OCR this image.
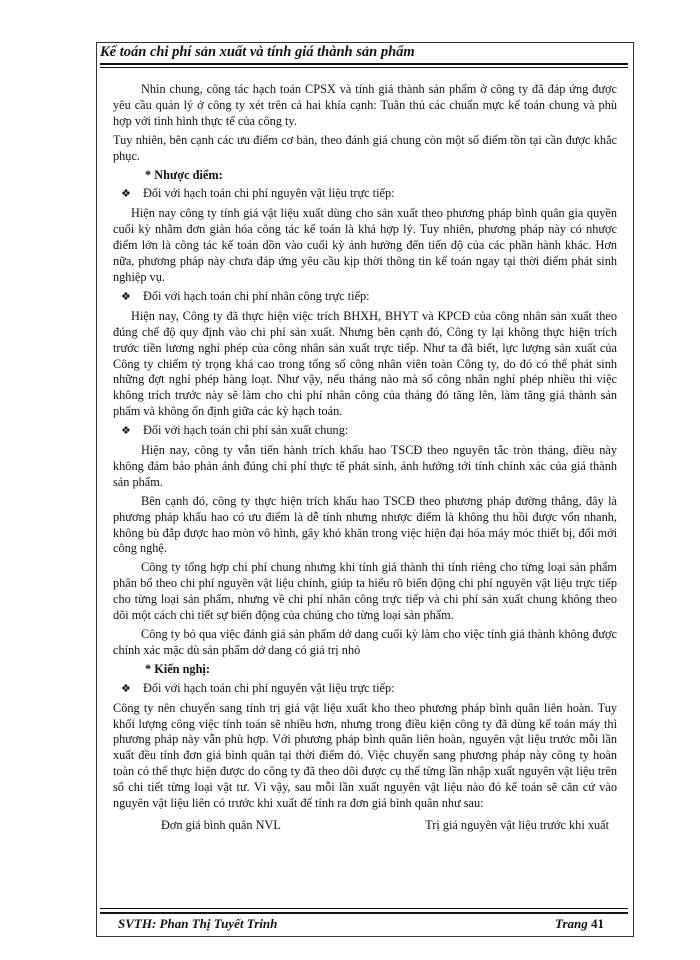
Kế toán chi phí sản xuất và tính giá thành sản phẩm

Nhìn chung, công tác hạch toán CPSX và tính giá thành sản phẩm ở công ty đã đáp ứng được yêu cầu quản lý ở công ty xét trên cả hai khía cạnh: Tuân thủ các chuẩn mực kế toán chung và phù hợp với tình hình thực tế của công ty.

Tuy nhiên, bên cạnh các ưu điểm cơ bản, theo đánh giá chung còn một số điểm tồn tại cần được khắc phục.

* Nhược điểm:

❖ Đối với hạch toán chi phí nguyên vật liệu trực tiếp:

Hiện nay công ty tính giá vật liệu xuất dùng cho sản xuất theo phương pháp bình quân gia quyền cuối kỳ nhằm đơn giản hóa công tác kế toán là khá hợp lý. Tuy nhiên, phương pháp này có nhược điểm lớn là công tác kế toán dồn vào cuối kỳ ảnh hưởng đến tiến độ của các phần hành khác. Hơn nữa, phương pháp này chưa đáp ứng yêu cầu kịp thời thông tin kế toán ngay tại thời điểm phát sinh nghiệp vụ.

❖ Đối với hạch toán chi phí nhân công trực tiếp:

Hiện nay, Công ty đã thực hiện việc trích BHXH, BHYT và KPCĐ của công nhân sản xuất theo đúng chế độ quy định vào chi phí sản xuất. Nhưng bên cạnh đó, Công ty lại không thực hiện trích trước tiền lương nghỉ phép của công nhân sản xuất trực tiếp. Như ta đã biết, lực lượng sản xuất của Công ty chiếm tỷ trọng khá cao trong tổng số công nhân viên toàn Công ty, do đó có thể phát sinh những đợt nghỉ phép hàng loạt. Như vậy, nếu tháng nào mà số công nhân nghỉ phép nhiều thì việc không trích trước này sẽ làm cho chi phí nhân công của tháng đó tăng lên, làm tăng giá thành sản phẩm và không ổn định giữa các kỳ hạch toán.

❖ Đối với hạch toán chi phí sản xuất chung:

Hiện nay, công ty vẫn tiến hành trích khấu hao TSCĐ theo nguyên tắc tròn tháng, điều này không đảm bảo phản ánh đúng chi phí thực tế phát sinh, ảnh hưởng tới tính chính xác của giá thành sản phẩm.

Bên cạnh đó, công ty thực hiện trích khấu hao TSCĐ theo phương pháp đường thẳng, đây là phương pháp khấu hao có ưu điểm là dễ tính nhưng nhược điểm là không thu hồi được vốn nhanh, không bù đắp được hao mòn vô hình, gây khó khăn trong việc hiện đại hóa máy móc thiết bị, đổi mới công nghệ.

Công ty tổng hợp chi phí chung nhưng khi tính giá thành thì tính riêng cho từng loại sản phẩm phân bổ theo chi phí nguyên vật liệu chính, giúp ta hiểu rõ biến động chi phí nguyên vật liệu trực tiếp cho từng loại sản phẩm, nhưng về chi phí nhân công trực tiếp và chi phí sản xuất chung không theo dõi một cách chi tiết sự biến động của chúng cho từng loại sản phẩm.

Công ty bỏ qua việc đánh giá sản phẩm dở dang cuối kỳ làm cho việc tính giá thành không được chính xác mặc dù sản phẩm dở dang có giá trị nhỏ

* Kiến nghị:

❖ Đối với hạch toán chi phí nguyên vật liệu trực tiếp:

Công ty nên chuyển sang tính trị giá vật liệu xuất kho theo phương pháp bình quân liên hoàn. Tuy khối lượng công việc tính toán sẽ nhiều hơn, nhưng trong điều kiện công ty đã dùng kế toán máy thì phương pháp này vẫn phù hợp. Với phương pháp bình quân liên hoàn, nguyên vật liệu trước mỗi lần xuất đều tính đơn giá bình quân tại thời điểm đó. Việc chuyển sang phương pháp này công ty hoàn toàn có thể thực hiện được do công ty đã theo dõi được cụ thể từng lần nhập xuất nguyên vật liệu trên sổ chi tiết từng loại vật tư. Vì vậy, sau mỗi lần xuất nguyên vật liệu nào đó kế toán sẽ căn cứ vào nguyên vật liệu liên có trước khi xuất để tính ra đơn giá bình quân như sau:

Đơn giá bình quân NVL	Trị giá nguyên vật liệu trước khi xuất
SVTH: Phan Thị Tuyết Trinh	Trang 41
